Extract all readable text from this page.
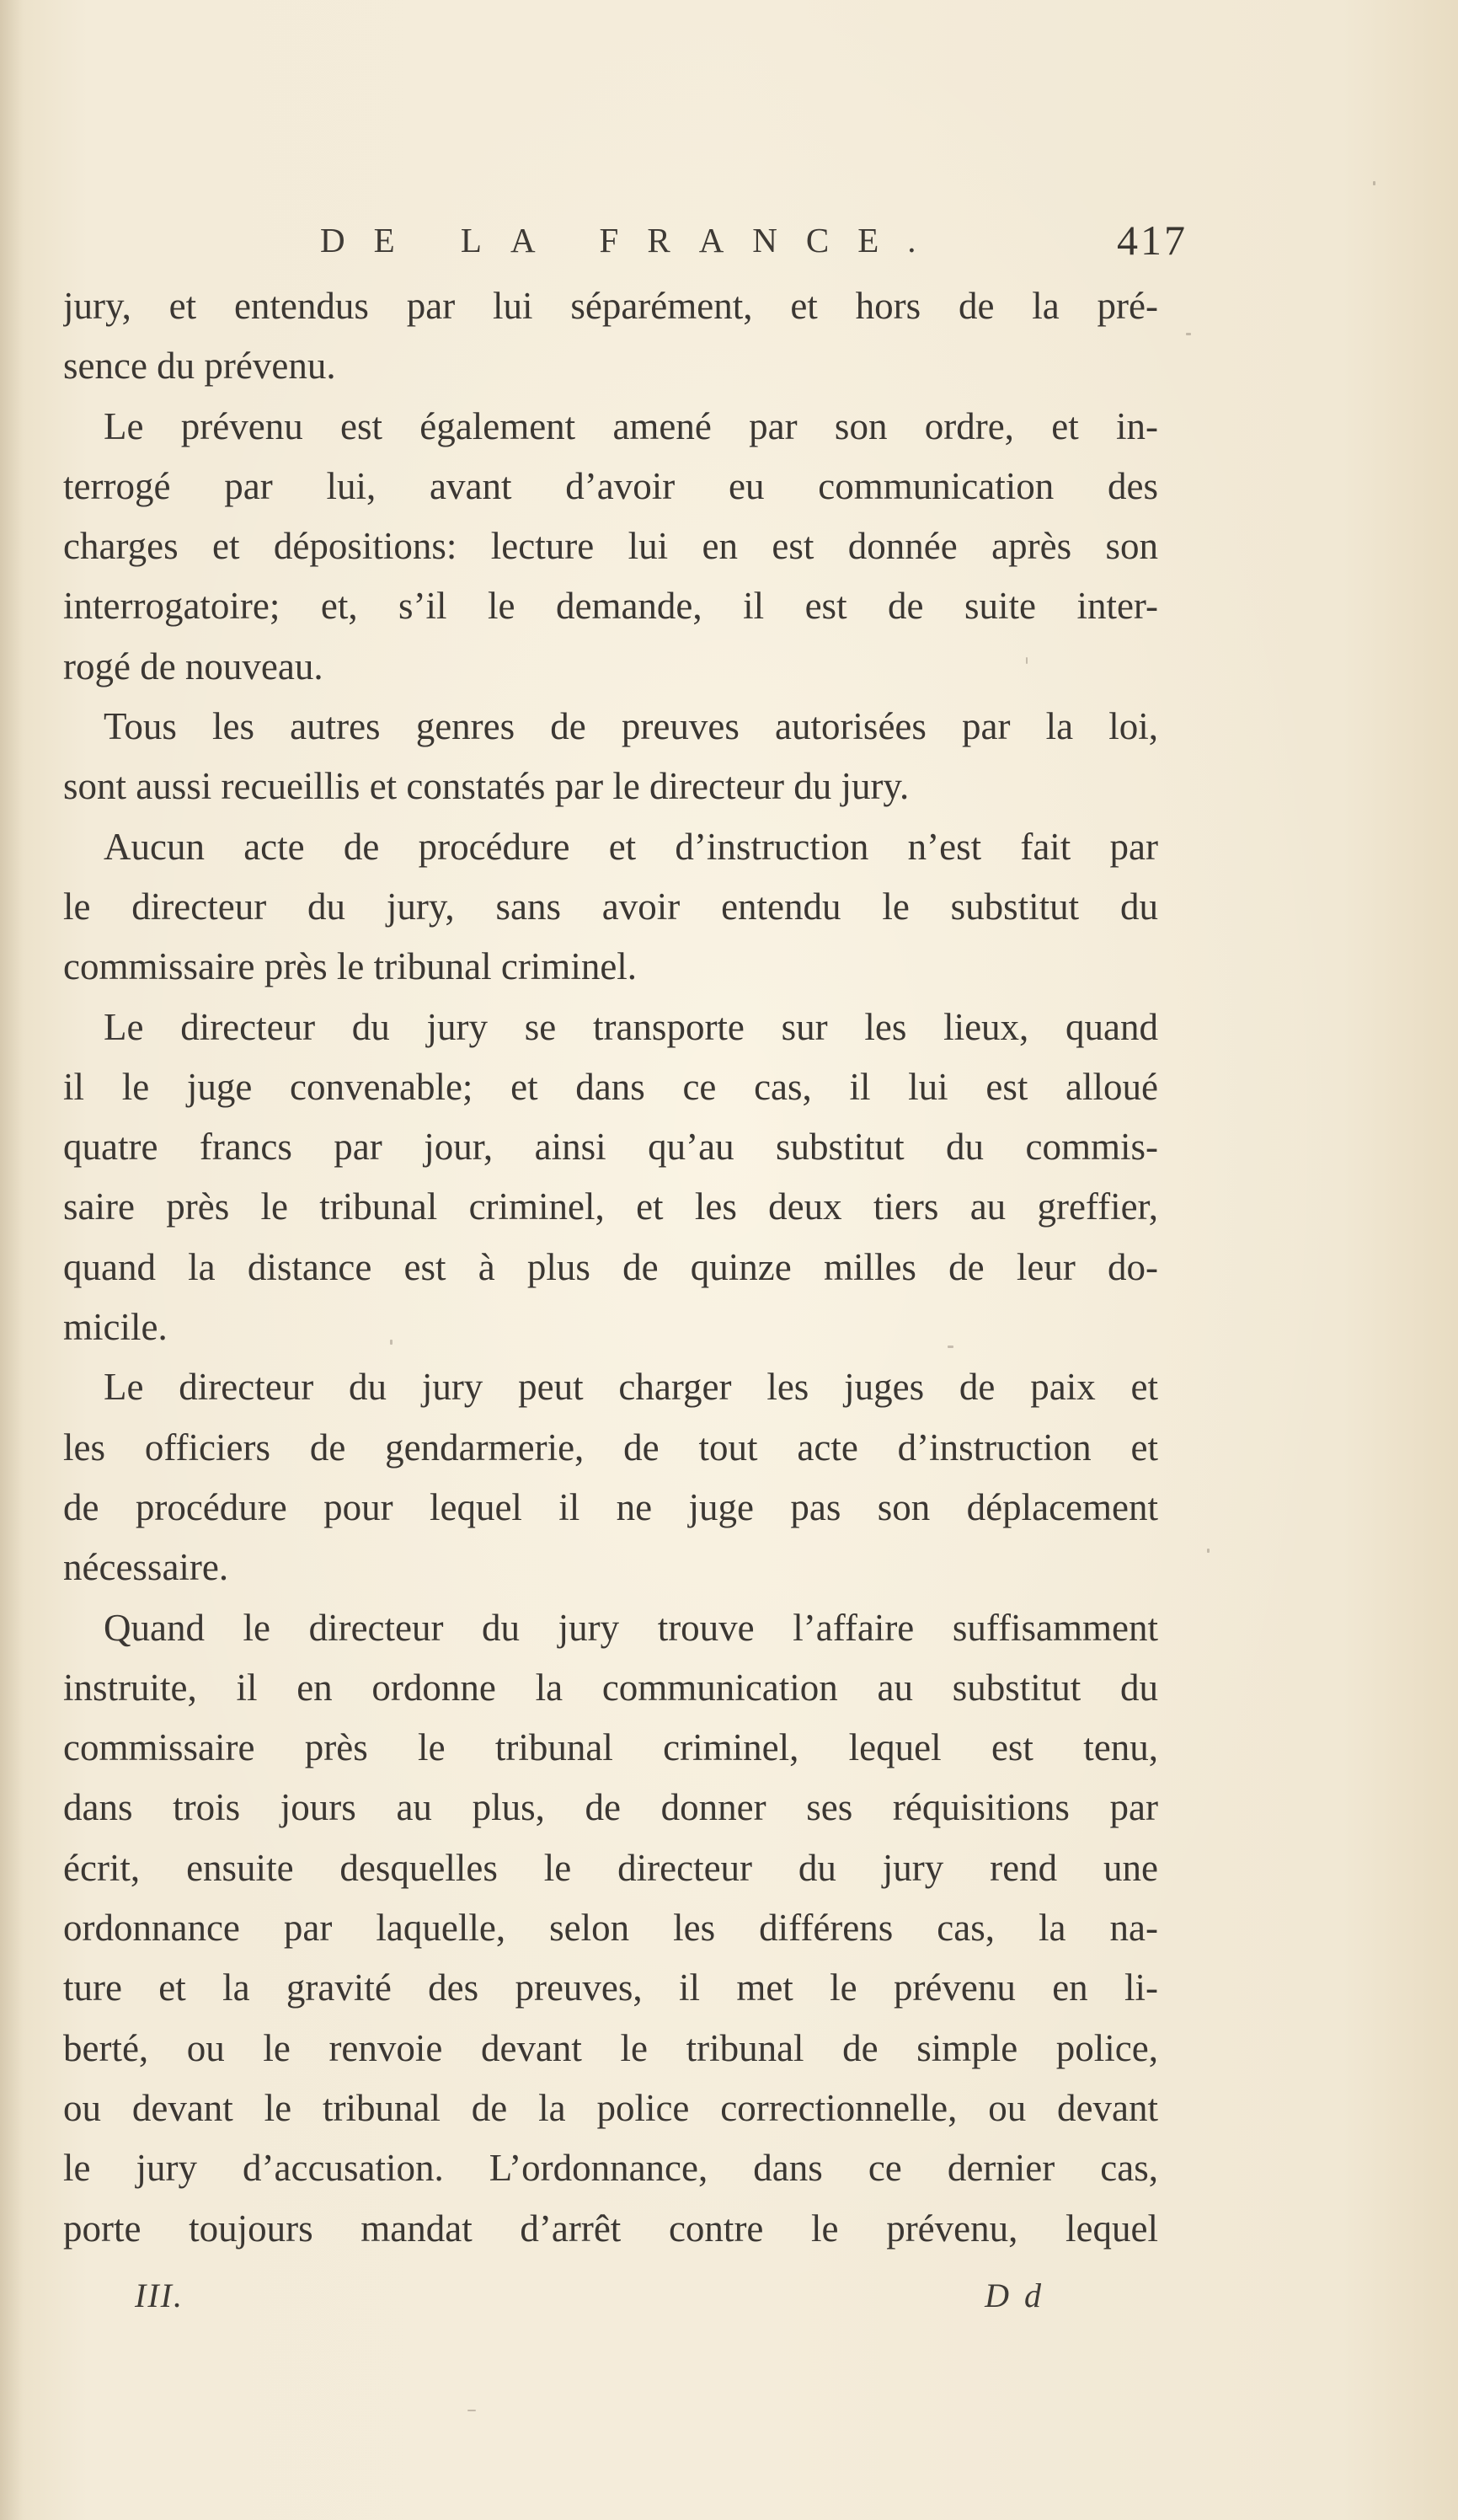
DE LA FRANCE.	417
jury, et entendus par lui séparément, et hors de la pré-
sence du prévenu.
Le prévenu est également amené par son ordre, et in-
terrogé par lui, avant d’avoir eu communication des
charges et dépositions: lecture lui en est donnée après son
interrogatoire; et, s’il le demande, il est de suite inter-
rogé de nouveau.
Tous les autres genres de preuves autorisées par la loi,
sont aussi recueillis et constatés par le directeur du jury.
Aucun acte de procédure et d’instruction n’est fait par
le directeur du jury, sans avoir entendu le substitut du
commissaire près le tribunal criminel.
Le directeur du jury se transporte sur les lieux, quand
il le juge convenable; et dans ce cas, il lui est alloué
quatre francs par jour, ainsi qu’au substitut du commis-
saire près le tribunal criminel, et les deux tiers au greffier,
quand la distance est à plus de quinze milles de leur do-
micile.
Le directeur du jury peut charger les juges de paix et
les officiers de gendarmerie, de tout acte d’instruction et
de procédure pour lequel il ne juge pas son déplacement
nécessaire.
Quand le directeur du jury trouve l’affaire suffisamment
instruite, il en ordonne la communication au substitut du
commissaire près le tribunal criminel, lequel est tenu,
dans trois jours au plus, de donner ses réquisitions par
écrit, ensuite desquelles le directeur du jury rend une
ordonnance par laquelle, selon les différens cas, la na-
ture et la gravité des preuves, il met le prévenu en li-
berté, ou le renvoie devant le tribunal de simple police,
ou devant le tribunal de la police correctionnelle, ou devant
le jury d’accusation. L’ordonnance, dans ce dernier cas,
porte toujours mandat d’arrêt contre le prévenu, lequel
III.	D d
